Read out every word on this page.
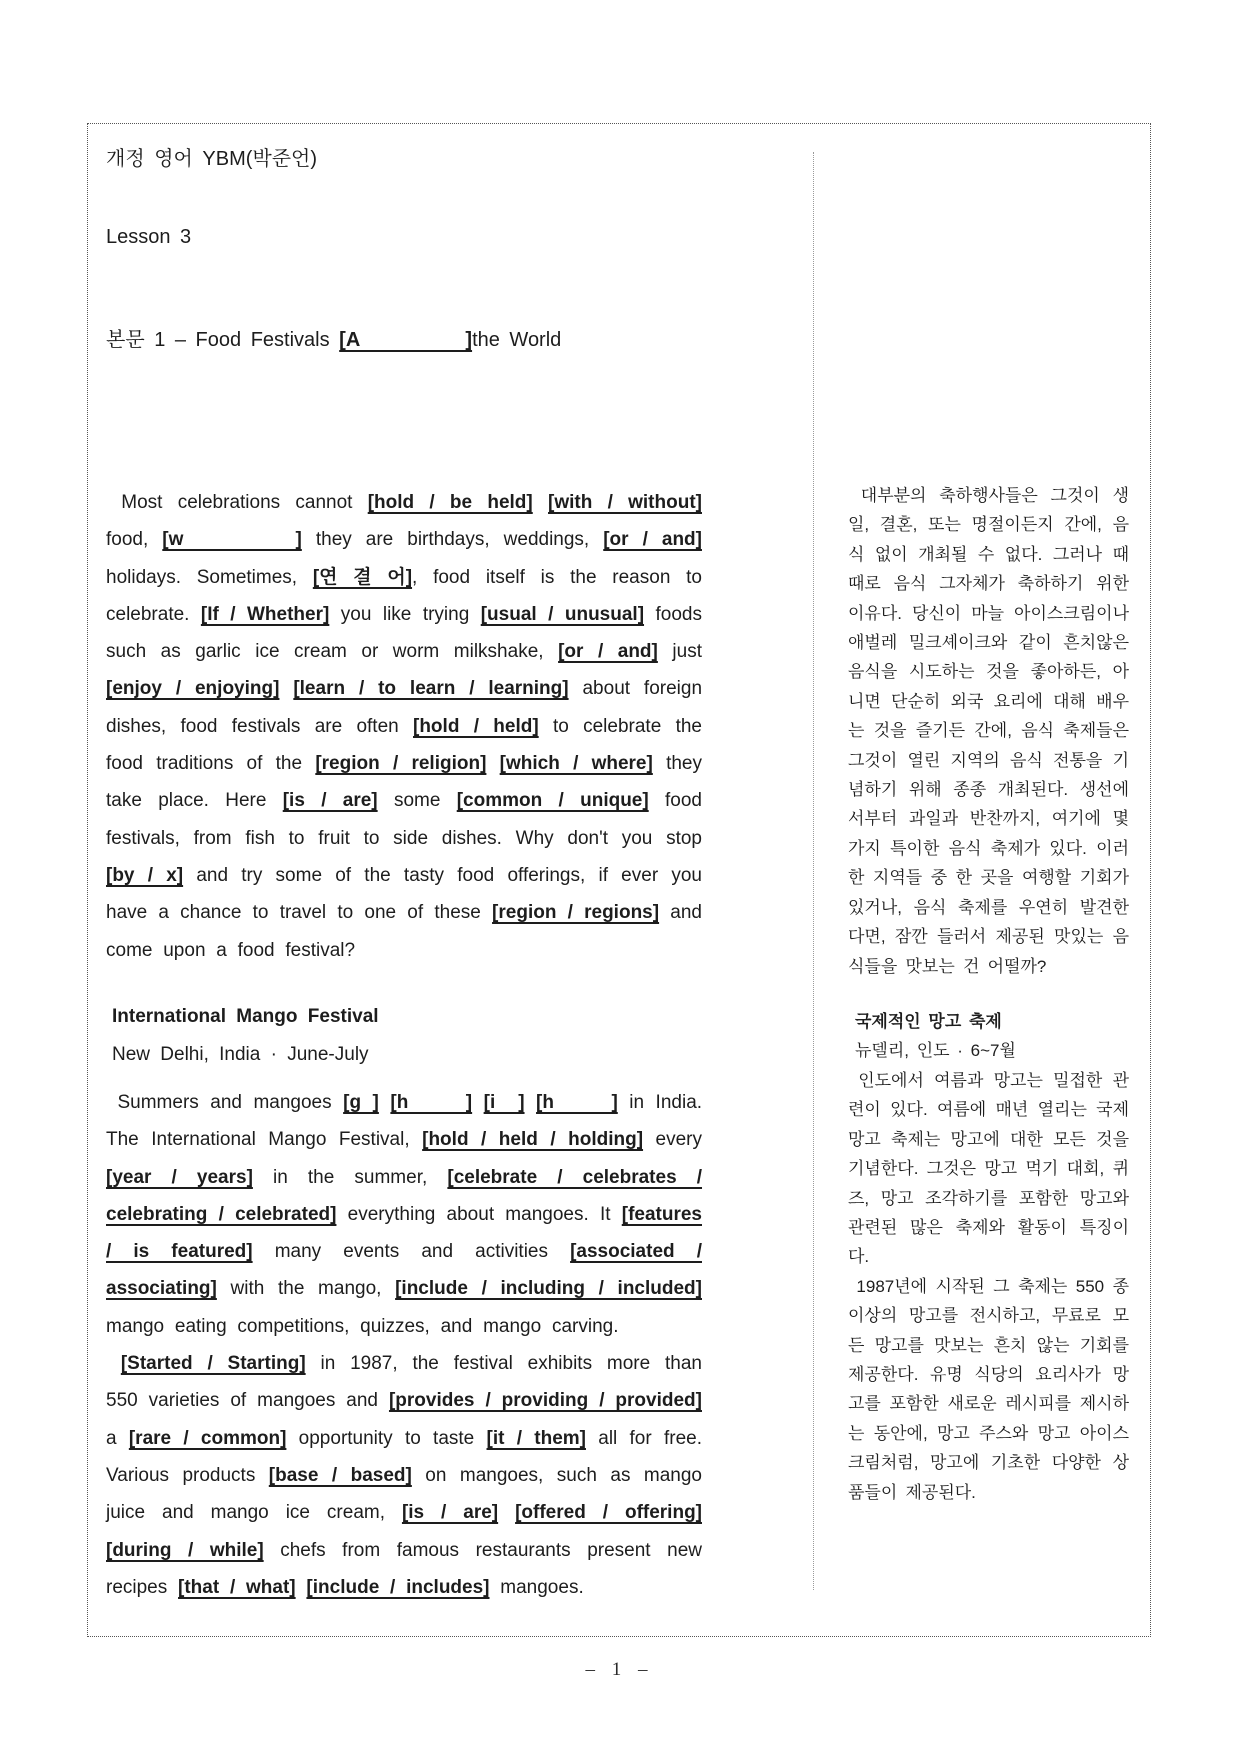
개정 영어 YBM(박준언)
Lesson 3
본문 1 – Food Festivals [A           ]the World
Most celebrations cannot [hold / be held] [with / without] food, [w        ] they are birthdays, weddings, [or / and] holidays. Sometimes, [연 결 어], food itself is the reason to celebrate. [If / Whether] you like trying [usual / unusual] foods such as garlic ice cream or worm milkshake, [or / and] just [enjoy / enjoying] [learn / to learn / learning] about foreign dishes, food festivals are often [hold / held] to celebrate the food traditions of the [region / religion] [which / where] they take place. Here [is / are] some [common / unique] food festivals, from fish to fruit to side dishes. Why don't you stop [by / x] and try some of the tasty food offerings, if ever you have a chance to travel to one of these [region / regions] and come upon a food festival?
International Mango Festival
New Delhi, India · June-July
Summers and mangoes [g ] [h     ] [i  ] [h     ] in India. The International Mango Festival, [hold / held / holding] every [year / years] in the summer, [celebrate / celebrates / celebrating / celebrated] everything about mangoes. It [features / is featured] many events and activities [associated / associating] with the mango, [include / including / included] mango eating competitions, quizzes, and mango carving.
[Started / Starting] in 1987, the festival exhibits more than 550 varieties of mangoes and [provides / providing / provided] a [rare / common] opportunity to taste [it / them] all for free. Various products [base / based] on mangoes, such as mango juice and mango ice cream, [is / are] [offered / offering] [during / while] chefs from famous restaurants present new recipes [that / what] [include / includes] mangoes.
대부분의 축하행사들은 그것이 생일, 결혼, 또는 명절이든지 간에, 음식 없이 개최될 수 없다. 그러나 때때로 음식 그자체가 축하하기 위한 이유다. 당신이 마늘 아이스크림이나 애벌레 밀크셰이크와 같이 흔치않은 음식을 시도하는 것을 좋아하든, 아니면 단순히 외국 요리에 대해 배우는 것을 즐기든 간에, 음식 축제들은 그것이 열린 지역의 음식 전통을 기념하기 위해 종종 개최된다. 생선에서부터 과일과 반찬까지, 여기에 몇 가지 특이한 음식 축제가 있다. 이러한 지역들 중 한 곳을 여행할 기회가 있거나, 음식 축제를 우연히 발견한다면, 잠깐 들러서 제공된 맛있는 음식들을 맛보는 건 어떨까?
국제적인 망고 축제
뉴델리, 인도 · 6~7월
인도에서 여름과 망고는 밀접한 관련이 있다. 여름에 매년 열리는 국제 망고 축제는 망고에 대한 모든 것을 기념한다. 그것은 망고 먹기 대회, 퀴즈, 망고 조각하기를 포함한 망고와 관련된 많은 축제와 활동이 특징이다.
1987년에 시작된 그 축제는 550 종 이상의 망고를 전시하고, 무료로 모든 망고를 맛보는 흔치 않는 기회를 제공한다. 유명 식당의 요리사가 망고를 포함한 새로운 레시피를 제시하는 동안에, 망고 주스와 망고 아이스크림처럼, 망고에 기초한 다양한 상품들이 제공된다.
– 1 –
